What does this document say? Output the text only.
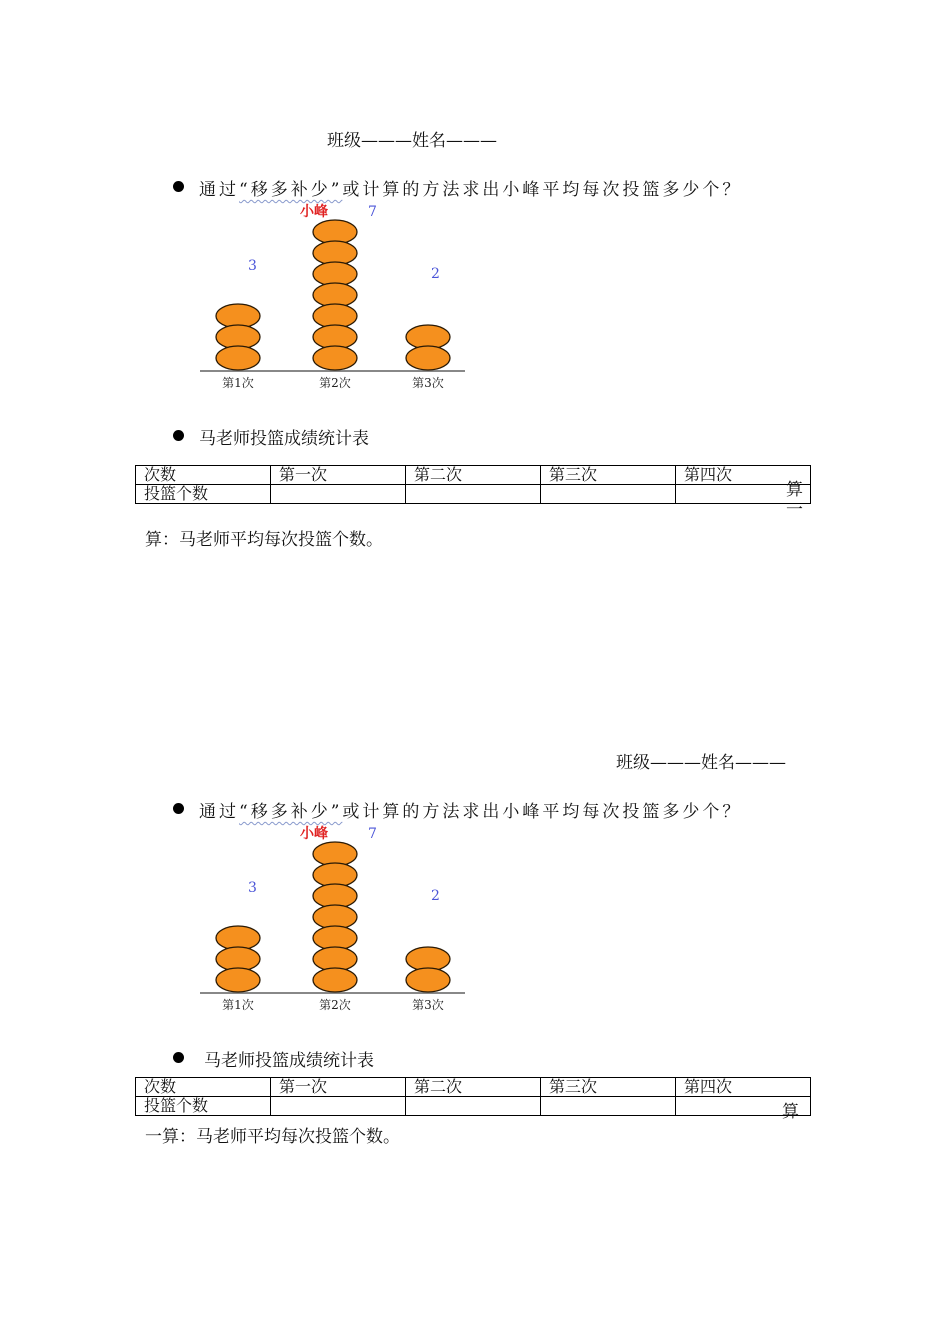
班级———姓名———
通过“移多补少”或计算的方法求出小峰平均每次投篮多少个？
3
7
2
第1次	第2次	第3次
小峰
马老师投篮成绩统计表
次数	第一次	第二次	第三次	第四次
投篮个数					算
一
算：马老师平均每次投篮个数。
班级———姓名———
通过“移多补少”或计算的方法求出小峰平均每次投篮多少个？
3
7
2
第1次	第2次	第3次
小峰
马老师投篮成绩统计表
次数	第一次	第二次	第三次	第四次
投篮个数					算
一算：马老师平均每次投篮个数。
